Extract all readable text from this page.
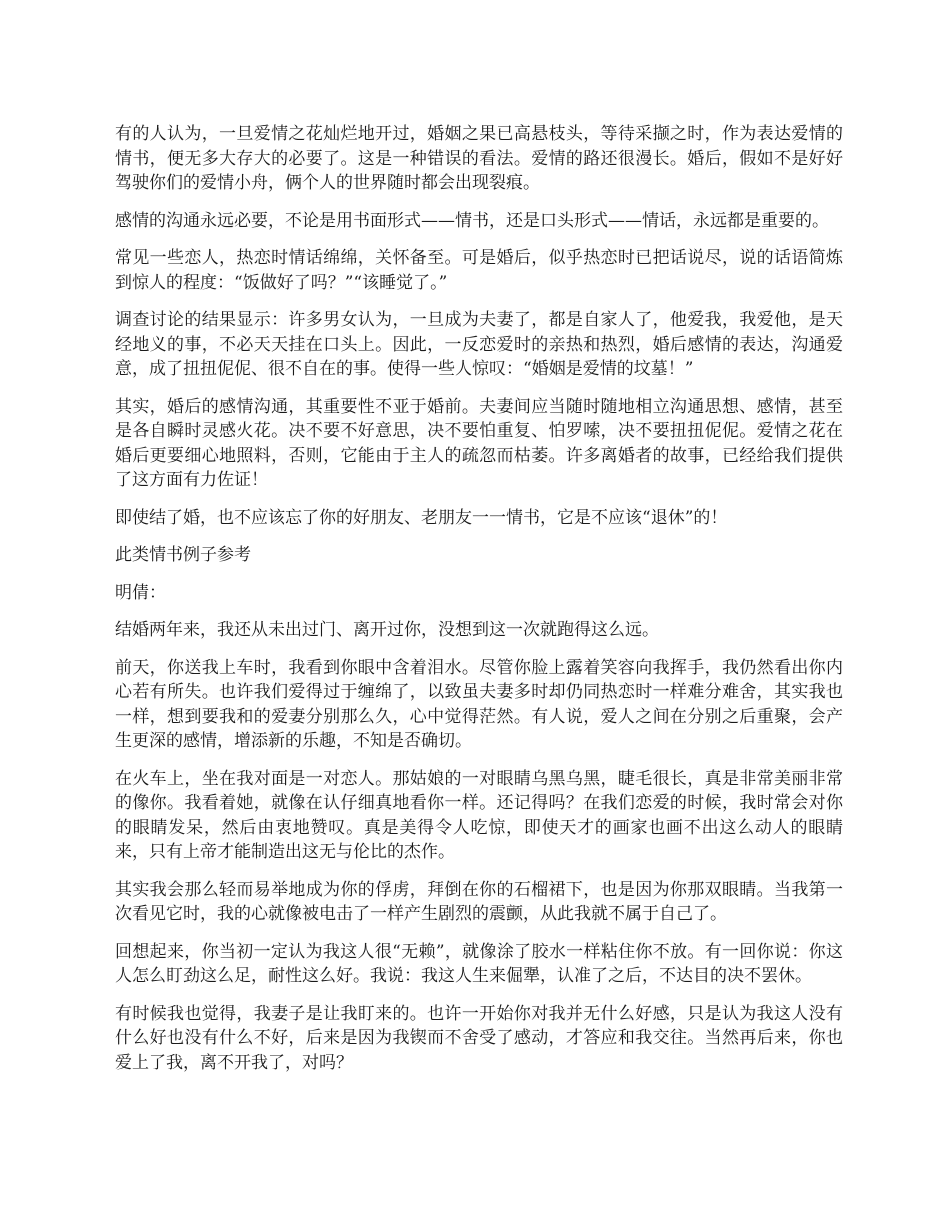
有的人认为，一旦爱情之花灿烂地开过，婚姻之果已高悬枝头，等待采撷之时，作为表达爱情的情书，便无多大存大的必要了。这是一种错误的看法。爱情的路还很漫长。婚后，假如不是好好驾驶你们的爱情小舟，俩个人的世界随时都会出现裂痕。

感情的沟通永远必要，不论是用书面形式——情书，还是口头形式——情话，永远都是重要的。

常见一些恋人，热恋时情话绵绵，关怀备至。可是婚后，似乎热恋时已把话说尽，说的话语简炼到惊人的程度：“饭做好了吗？”“该睡觉了。”

调查讨论的结果显示：许多男女认为，一旦成为夫妻了，都是自家人了，他爱我，我爱他，是天经地义的事，不必天天挂在口头上。因此，一反恋爱时的亲热和热烈，婚后感情的表达，沟通爱意，成了扭扭伲伲、很不自在的事。使得一些人惊叹：“婚姻是爱情的坟墓！”

其实，婚后的感情沟通，其重要性不亚于婚前。夫妻间应当随时随地相立沟通思想、感情，甚至是各自瞬时灵感火花。决不要不好意思，决不要怕重复、怕罗嗦，决不要扭扭伲伲。爱情之花在婚后更要细心地照料，否则，它能由于主人的疏忽而枯萎。许多离婚者的故事，已经给我们提供了这方面有力佐证！

即使结了婚，也不应该忘了你的好朋友、老朋友一一情书，它是不应该“退休”的！

此类情书例子参考

明倩：

结婚两年来，我还从未出过门、离开过你，没想到这一次就跑得这么远。

前天，你送我上车时，我看到你眼中含着泪水。尽管你脸上露着笑容向我挥手，我仍然看出你内心若有所失。也许我们爱得过于缠绵了，以致虽夫妻多时却仍同热恋时一样难分难舍，其实我也一样，想到要我和的爱妻分别那么久，心中觉得茫然。有人说，爱人之间在分别之后重聚，会产生更深的感情，增添新的乐趣，不知是否确切。

在火车上，坐在我对面是一对恋人。那姑娘的一对眼睛乌黑乌黑，睫毛很长，真是非常美丽非常的像你。我看着她，就像在认仔细真地看你一样。还记得吗？在我们恋爱的时候，我时常会对你的眼睛发呆，然后由衷地赞叹。真是美得令人吃惊，即使天才的画家也画不出这么动人的眼睛来，只有上帝才能制造出这无与伦比的杰作。

其实我会那么轻而易举地成为你的俘虏，拜倒在你的石榴裙下，也是因为你那双眼睛。当我第一次看见它时，我的心就像被电击了一样产生剧烈的震颤，从此我就不属于自己了。

回想起来，你当初一定认为我这人很“无赖”，就像涂了胶水一样粘住你不放。有一回你说：你这人怎么盯劲这么足，耐性这么好。我说：我这人生来倔犟，认准了之后，不达目的决不罢休。

有时候我也觉得，我妻子是让我盯来的。也许一开始你对我并无什么好感，只是认为我这人没有什么好也没有什么不好，后来是因为我锲而不舍受了感动，才答应和我交往。当然再后来，你也爱上了我，离不开我了，对吗？
